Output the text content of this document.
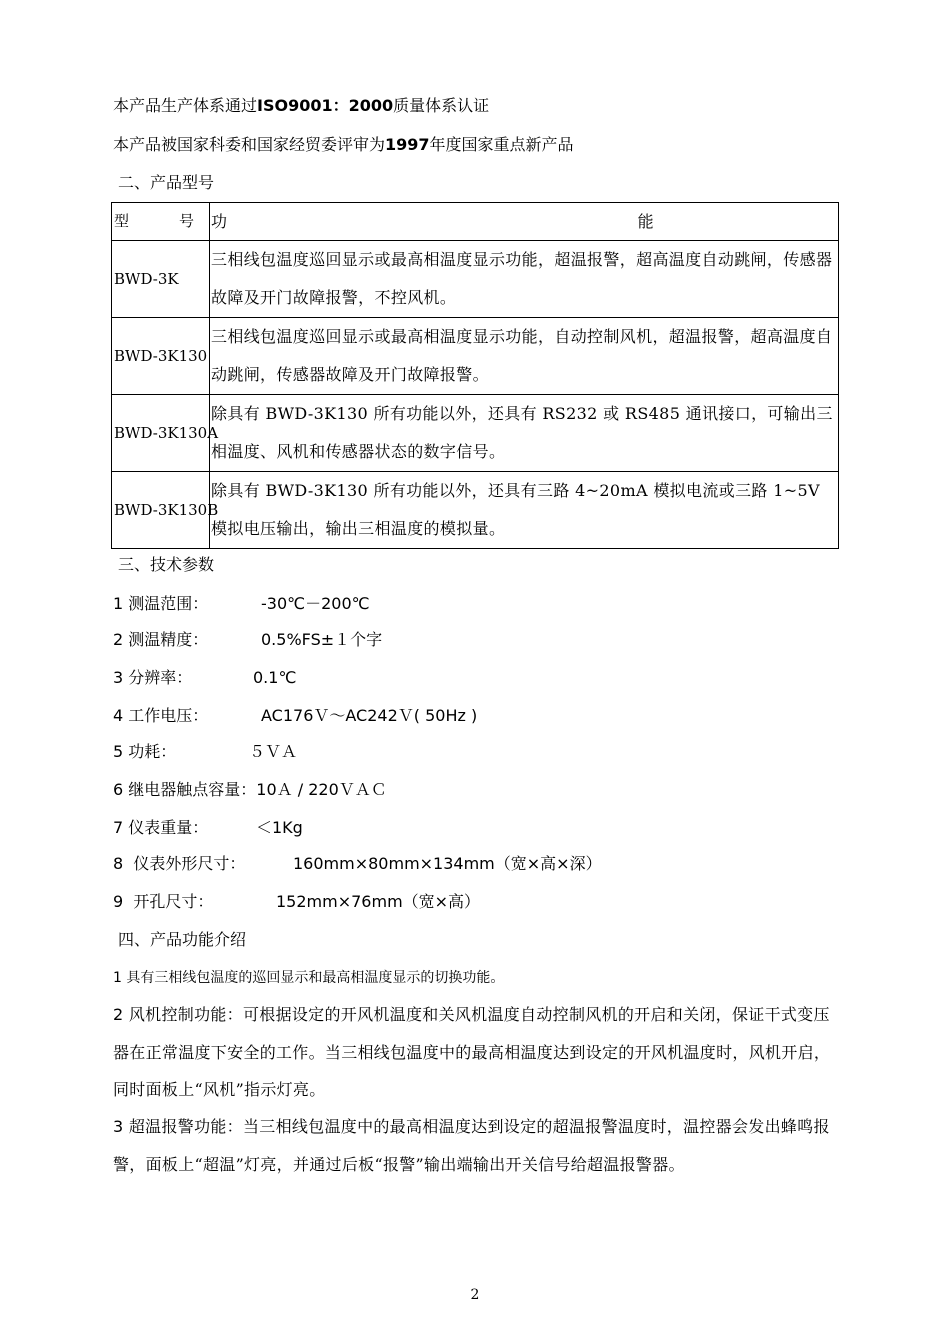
本产品生产体系通过ISO9001：2000质量体系认证
本产品被国家科委和国家经贸委评审为1997年度国家重点新产品
二、产品型号
型 号	功 能

BWD-3K	三相线包温度巡回显示或最高相温度显示功能，超温报警，超高温度自动跳闸，传感器故障及开门故障报警，不控风机。
BWD-3K130	三相线包温度巡回显示或最高相温度显示功能，自动控制风机，超温报警，超高温度自动跳闸，传感器故障及开门故障报警。
BWD-3K130A	除具有 BWD-3K130 所有功能以外，还具有 RS232 或 RS485 通讯接口，可输出三相温度、风机和传感器状态的数字信号。
BWD-3K130B	除具有 BWD-3K130 所有功能以外，还具有三路 4~20mA 模拟电流或三路 1~5V 模拟电压输出，输出三相温度的模拟量。
三、技术参数
1 测温范围：	-30℃－200℃
2 测温精度：	0.5%FS±１个字
3 分辨率：	0.1℃
4 工作电压：	AC176Ｖ～AC242Ｖ( 50Hz )
5 功耗：	５ＶＡ
6 继电器触点容量：10Ａ / 220ＶＡＣ
7 仪表重量：	＜1Kg
8 仪表外形尺寸：	160mm×80mm×134mm（宽×高×深）
9 开孔尺寸：	152mm×76mm（宽×高）
四、产品功能介绍
1 具有三相线包温度的巡回显示和最高相温度显示的切换功能。
2 风机控制功能：可根据设定的开风机温度和关风机温度自动控制风机的开启和关闭，保证干式变压器在正常温度下安全的工作。当三相线包温度中的最高相温度达到设定的开风机温度时，风机开启，同时面板上“风机”指示灯亮。
3 超温报警功能：当三相线包温度中的最高相温度达到设定的超温报警温度时，温控器会发出蜂鸣报警，面板上“超温”灯亮，并通过后板“报警”输出端输出开关信号给超温报警器。
2
